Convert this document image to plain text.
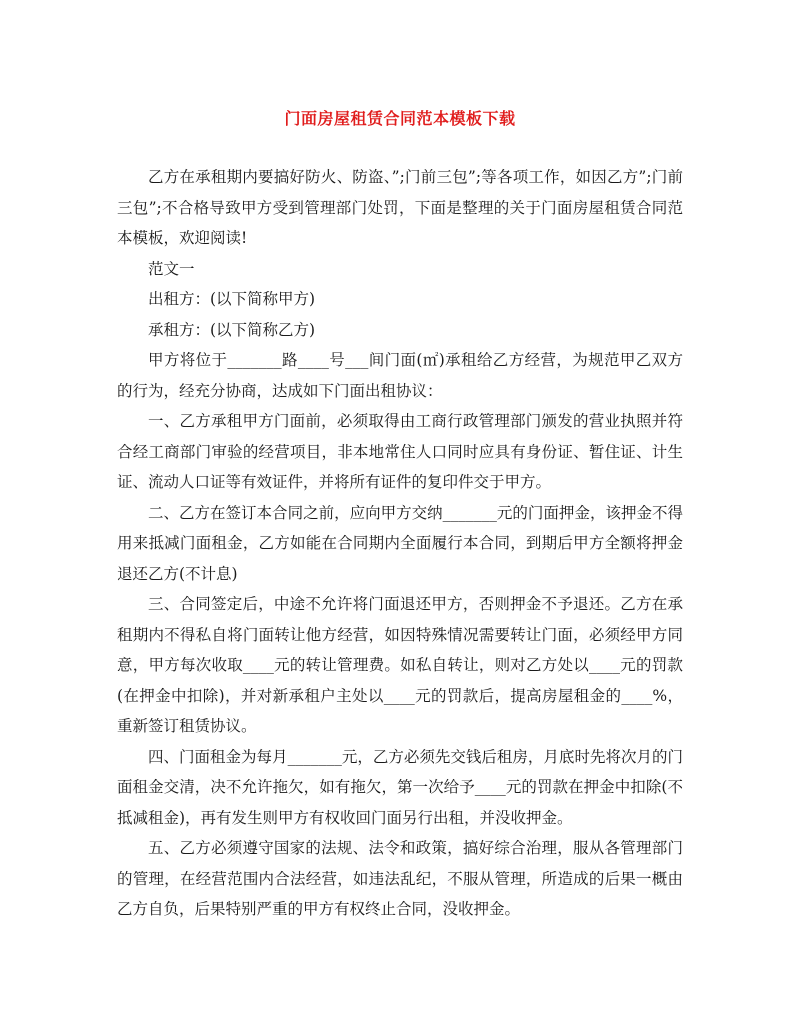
门面房屋租赁合同范本模板下载

乙方在承租期内要搞好防火、防盗、”;门前三包”;等各项工作，如因乙方”;门前三包”;不合格导致甲方受到管理部门处罚，下面是整理的关于门面房屋租赁合同范本模板，欢迎阅读!

范文一

出租方：(以下简称甲方)

承租方：(以下简称乙方)

甲方将位于_______路____号___间门面(㎡)承租给乙方经营，为规范甲乙双方的行为，经充分协商，达成如下门面出租协议：

一、乙方承租甲方门面前，必须取得由工商行政管理部门颁发的营业执照并符合经工商部门审验的经营项目，非本地常住人口同时应具有身份证、暂住证、计生证、流动人口证等有效证件，并将所有证件的复印件交于甲方。

二、乙方在签订本合同之前，应向甲方交纳_______元的门面押金，该押金不得用来抵减门面租金，乙方如能在合同期内全面履行本合同，到期后甲方全额将押金退还乙方(不计息)

三、合同签定后，中途不允许将门面退还甲方，否则押金不予退还。乙方在承租期内不得私自将门面转让他方经营，如因特殊情况需要转让门面，必须经甲方同意，甲方每次收取____元的转让管理费。如私自转让，则对乙方处以____元的罚款(在押金中扣除)，并对新承租户主处以____元的罚款后，提高房屋租金的____%，重新签订租赁协议。

四、门面租金为每月_______元，乙方必须先交钱后租房，月底时先将次月的门面租金交清，决不允许拖欠，如有拖欠，第一次给予____元的罚款在押金中扣除(不抵减租金)，再有发生则甲方有权收回门面另行出租，并没收押金。

五、乙方必须遵守国家的法规、法令和政策，搞好综合治理，服从各管理部门的管理，在经营范围内合法经营，如违法乱纪，不服从管理，所造成的后果一概由乙方自负，后果特别严重的甲方有权终止合同，没收押金。
